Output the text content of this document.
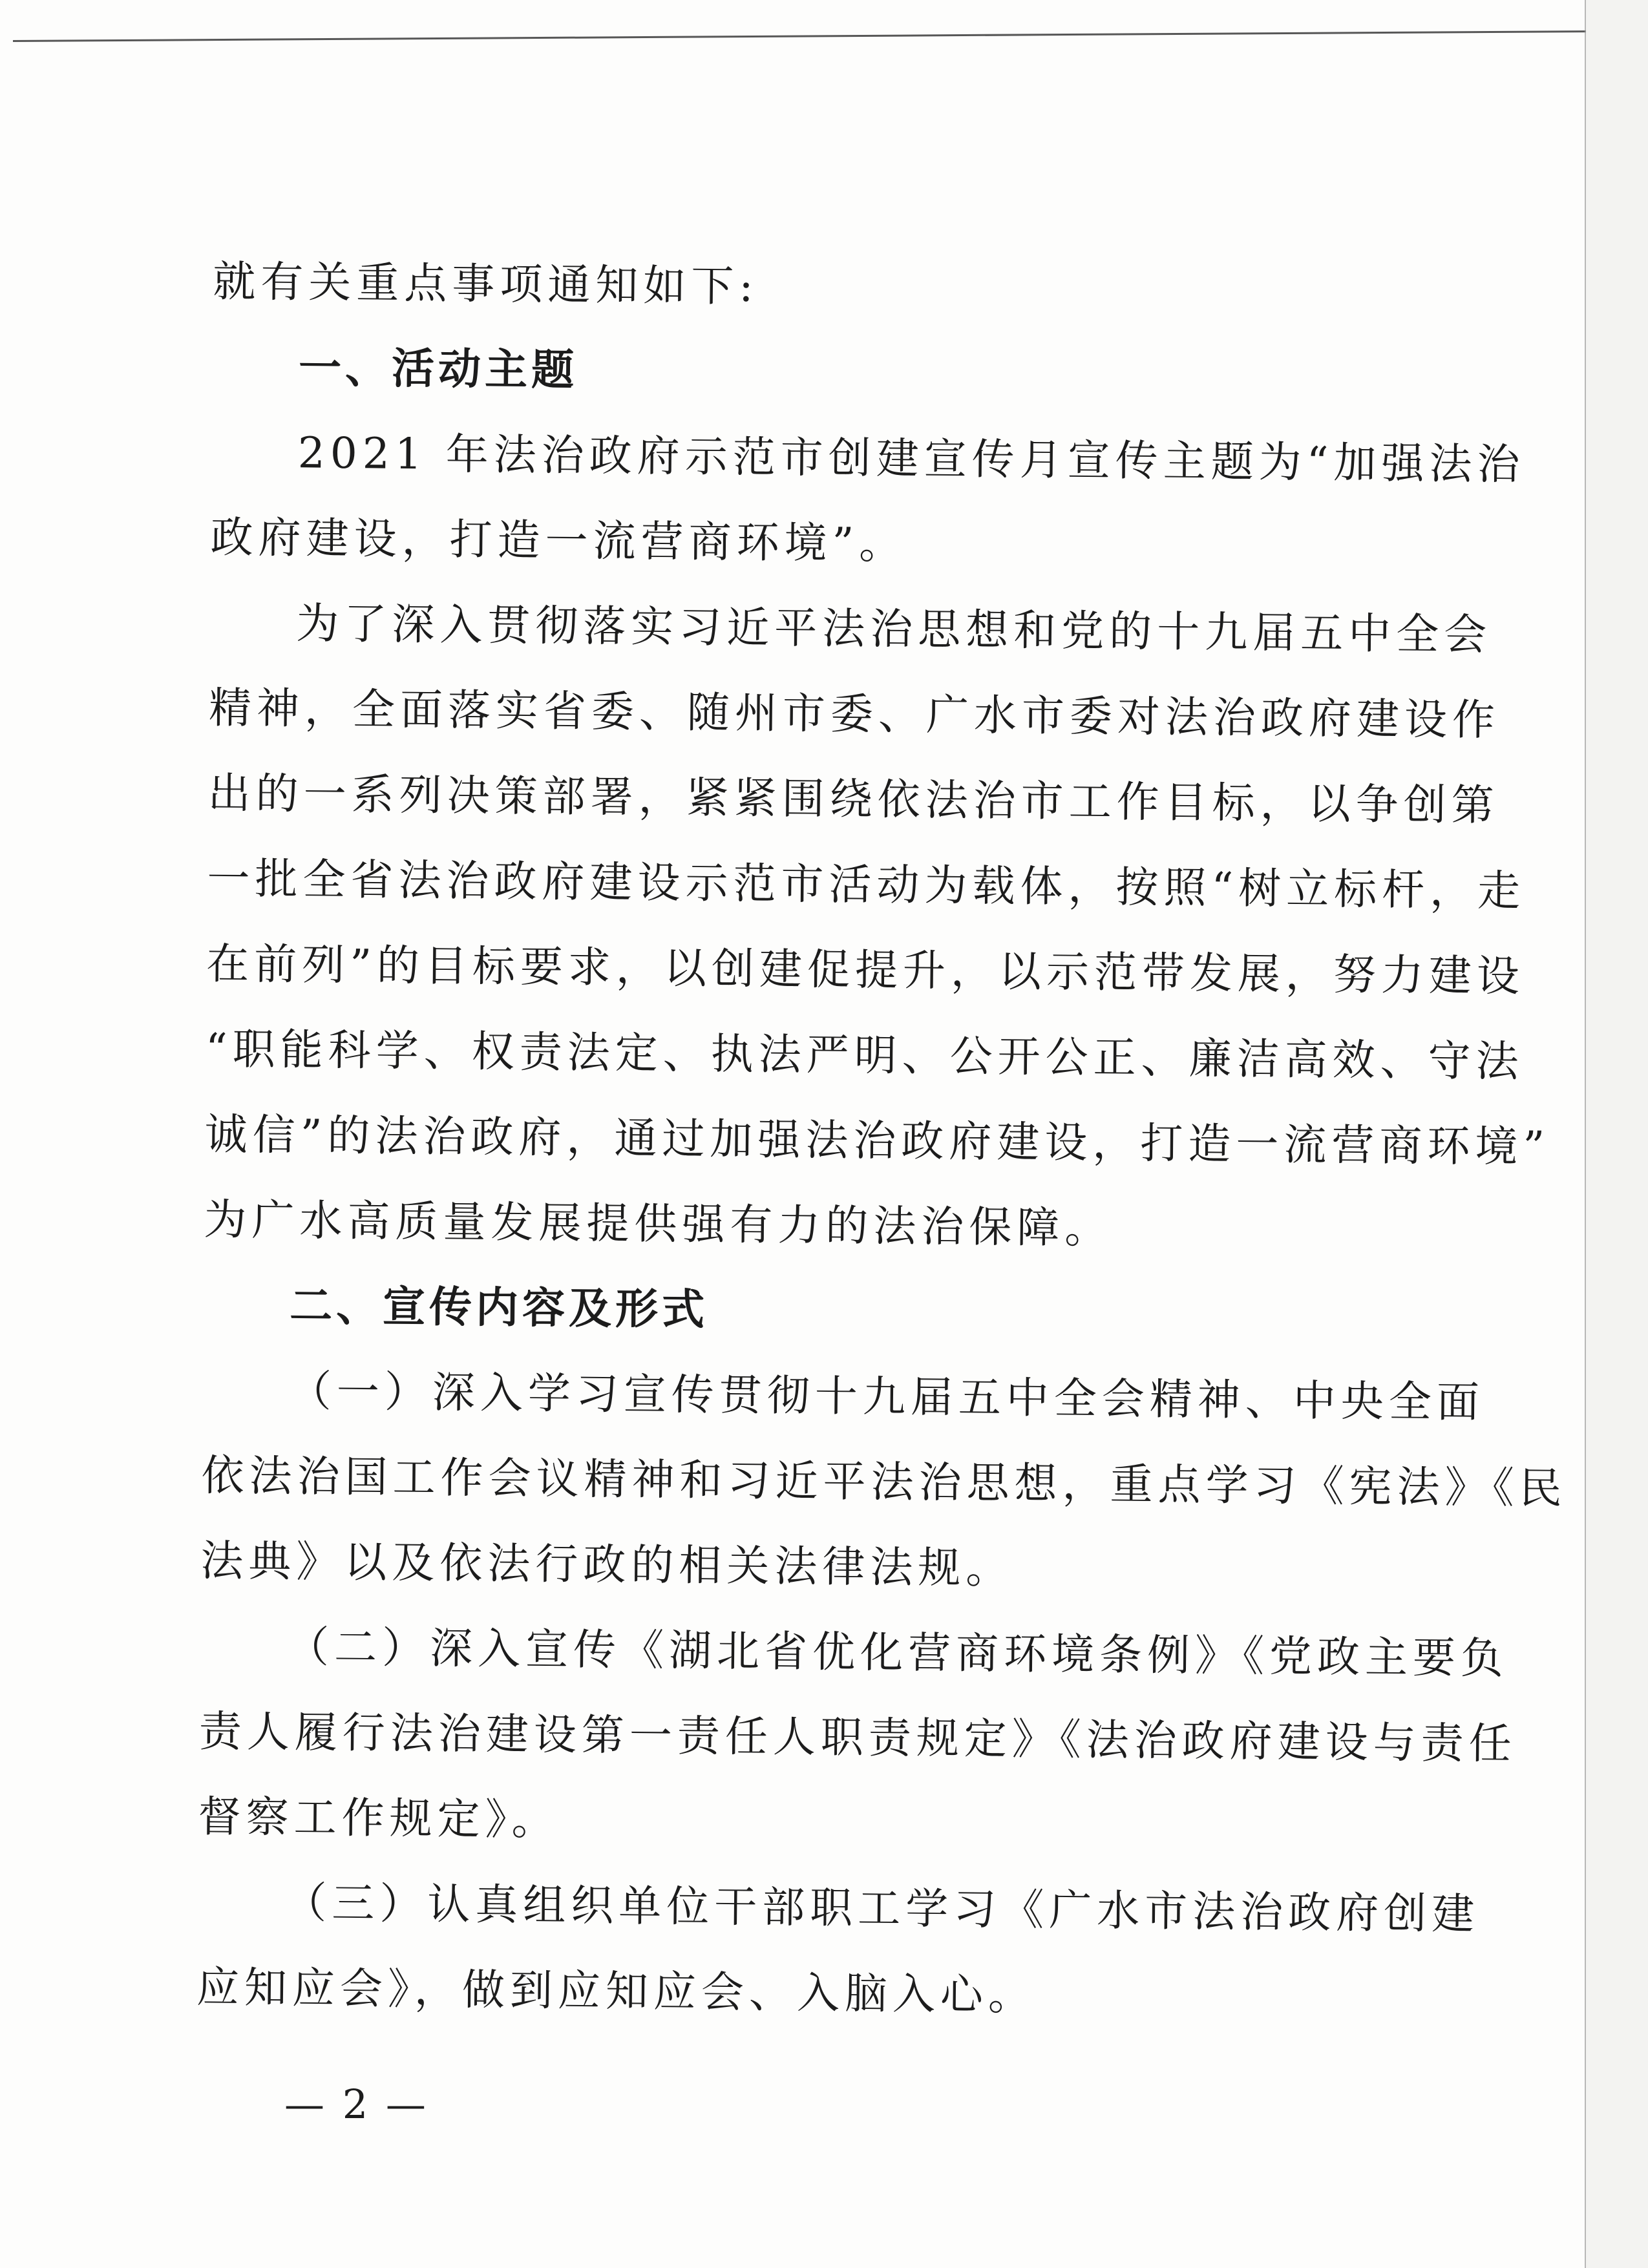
就有关重点事项通知如下:
一、活动主题
2021 年法治政府示范市创建宣传月宣传主题为“加强法治
政府建设，打造一流营商环境”。
为了深入贯彻落实习近平法治思想和党的十九届五中全会
精神，全面落实省委、随州市委、广水市委对法治政府建设作
出的一系列决策部署，紧紧围绕依法治市工作目标，以争创第
一批全省法治政府建设示范市活动为载体，按照“树立标杆，走
在前列”的目标要求，以创建促提升，以示范带发展，努力建设
“职能科学、权责法定、执法严明、公开公正、廉洁高效、守法
诚信”的法治政府，通过加强法治政府建设，打造一流营商环境”
为广水高质量发展提供强有力的法治保障。
二、宣传内容及形式
（一）深入学习宣传贯彻十九届五中全会精神、中央全面
依法治国工作会议精神和习近平法治思想，重点学习《宪法》《民
法典》以及依法行政的相关法律法规。
（二）深入宣传《湖北省优化营商环境条例》《党政主要负
责人履行法治建设第一责任人职责规定》《法治政府建设与责任
督察工作规定》。
（三）认真组织单位干部职工学习《广水市法治政府创建
应知应会》，做到应知应会、入脑入心。
— 2 —
